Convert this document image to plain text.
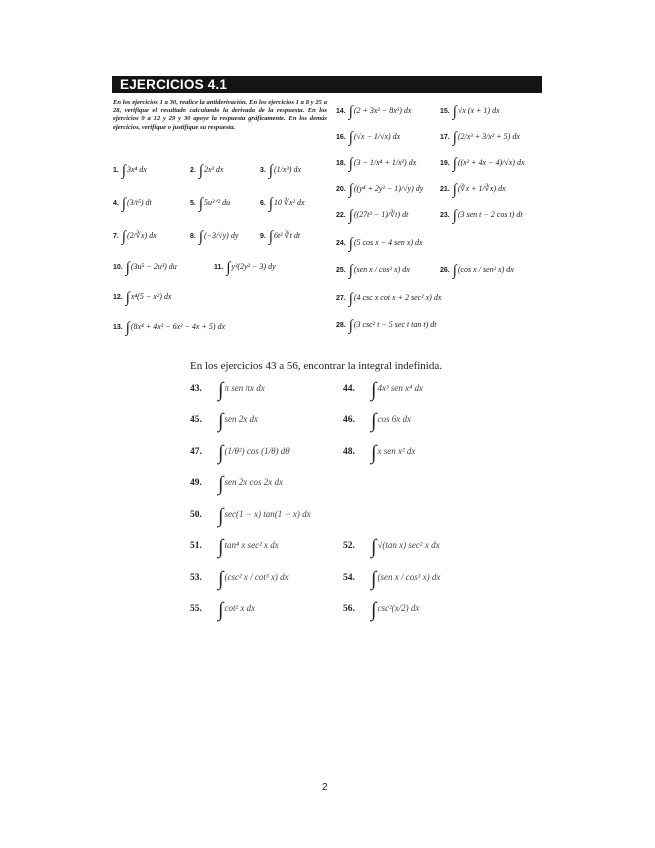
EJERCICIOS 4.1
En los ejercicios 1 a 30, realice la antiderivación. En los ejercicios 1 a 8 y 25 a 28, verifique el resultado calculando la derivada de la respuesta. En los ejercicios 9 a 12 y 29 y 30 apoye la respuesta gráficamente. En los demás ejercicios, verifique o justifique su respuesta.
1. ∫3x⁴ dx	2. ∫2x³ dx	3. ∫(1/x³) dx
4. ∫(3/t⁵) dt	5. ∫5u³ᐟ² du	6. ∫10 ∛x² dx
7. ∫(2/∛x) dx	8. ∫(−3/√y) dy	9. ∫6t² ∛t dt
10. ∫(3u⁵ − 2u³) du	11. ∫y³(2y² − 3) dy
12. ∫x⁴(5 − x²) dx
13. ∫(8x⁴ + 4x³ − 6x² − 4x + 5) dx
14. ∫(2 + 3x² − 8x³) dx	15. ∫√x (x + 1) dx
16. ∫(√x − 1/√x) dx	17. ∫(2/x³ + 3/x² + 5) dx
18. ∫(3 − 1/x⁴ + 1/x²) dx	19. ∫((x² + 4x − 4)/√x) dx
20. ∫((y⁴ + 2y² − 1)/√y) dy 21. ∫(∛x + 1/∛x) dx
22. ∫((27t³ − 1)/∛t) dt	23. ∫(3 sen t − 2 cos t) dt
24. ∫(5 cos x − 4 sen x) dx
25. ∫(sen x / cos² x) dx	26. ∫(cos x / sen² x) dx
27. ∫(4 csc x cot x + 2 sec² x) dx
28. ∫(3 csc² t − 5 sec t tan t) dt
En los ejercicios 43 a 56, encontrar la integral indefinida.
43. ∫π sen πx dx	44. ∫4x³ sen x⁴ dx
45. ∫sen 2x dx	46. ∫cos 6x dx
47. ∫(1/θ²) cos (1/θ) dθ	48. ∫x sen x² dx
49. ∫sen 2x cos 2x dx
50. ∫sec(1 − x) tan(1 − x) dx
51. ∫tan⁴ x sec² x dx	52. ∫√(tan x) sec² x dx
53. ∫(csc² x / cot³ x) dx	54. ∫(sen x / cos³ x) dx
55. ∫cot² x dx	56. ∫csc²(x/2) dx
2
